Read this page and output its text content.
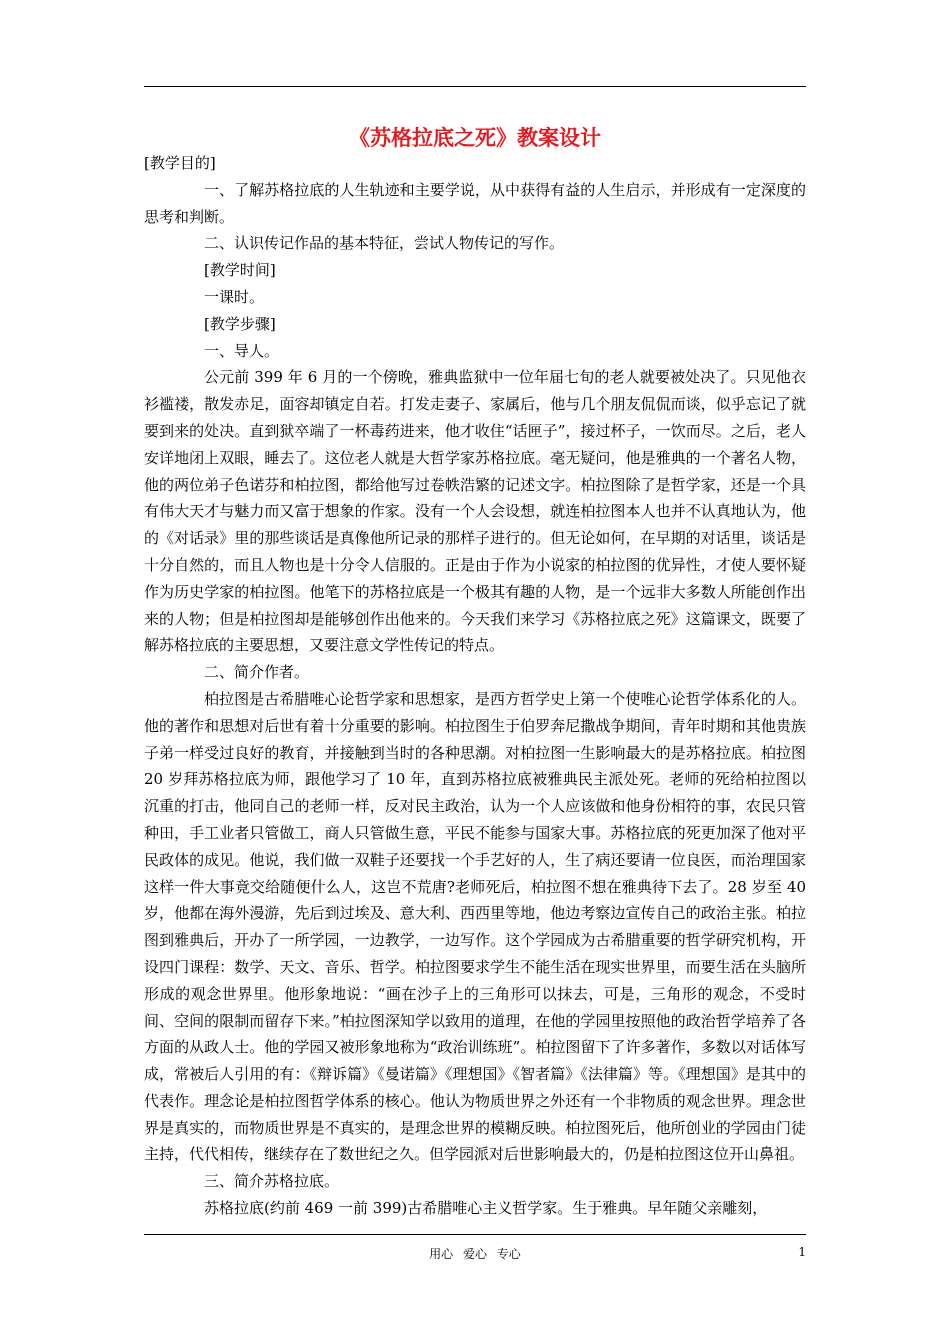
《苏格拉底之死》教案设计

[教学目的]

一、了解苏格拉底的人生轨迹和主要学说，从中获得有益的人生启示，并形成有一定深度的思考和判断。

二、认识传记作品的基本特征，尝试人物传记的写作。

[教学时间]

一课时。

[教学步骤]

一、导人。

公元前 399 年 6 月的一个傍晚，雅典监狱中一位年届七旬的老人就要被处决了。只见他衣衫褴褛，散发赤足，面容却镇定自若。打发走妻子、家属后，他与几个朋友侃侃而谈，似乎忘记了就要到来的处决。直到狱卒端了一杯毒药进来，他才收住“话匣子”，接过杯子，一饮而尽。之后，老人安详地闭上双眼，睡去了。这位老人就是大哲学家苏格拉底。毫无疑问，他是雅典的一个著名人物，他的两位弟子色诺芬和柏拉图，都给他写过卷帙浩繁的记述文字。柏拉图除了是哲学家，还是一个具有伟大天才与魅力而又富于想象的作家。没有一个人会设想，就连柏拉图本人也并不认真地认为，他的《对话录》里的那些谈话是真像他所记录的那样子进行的。但无论如何，在早期的对话里，谈话是十分自然的，而且人物也是十分令人信服的。正是由于作为小说家的柏拉图的优异性，才使人要怀疑作为历史学家的柏拉图。他笔下的苏格拉底是一个极其有趣的人物，是一个远非大多数人所能创作出来的人物；但是柏拉图却是能够创作出他来的。今天我们来学习《苏格拉底之死》这篇课文，既要了解苏格拉底的主要思想，又要注意文学性传记的特点。

二、简介作者。

柏拉图是古希腊唯心论哲学家和思想家，是西方哲学史上第一个使唯心论哲学体系化的人。他的著作和思想对后世有着十分重要的影响。柏拉图生于伯罗奔尼撒战争期间，青年时期和其他贵族子弟一样受过良好的教育，并接触到当时的各种思潮。对柏拉图一生影响最大的是苏格拉底。柏拉图 20 岁拜苏格拉底为师，跟他学习了 10 年，直到苏格拉底被雅典民主派处死。老师的死给柏拉图以沉重的打击，他同自己的老师一样，反对民主政治，认为一个人应该做和他身份相符的事，农民只管种田，手工业者只管做工，商人只管做生意，平民不能参与国家大事。苏格拉底的死更加深了他对平民政体的成见。他说，我们做一双鞋子还要找一个手艺好的人，生了病还要请一位良医，而治理国家这样一件大事竟交给随便什么人，这岂不荒唐?老师死后，柏拉图不想在雅典待下去了。28 岁至 40 岁，他都在海外漫游，先后到过埃及、意大利、西西里等地，他边考察边宣传自己的政治主张。柏拉图到雅典后，开办了一所学园，一边教学，一边写作。这个学园成为古希腊重要的哲学研究机构，开设四门课程：数学、天文、音乐、哲学。柏拉图要求学生不能生活在现实世界里，而要生活在头脑所形成的观念世界里。他形象地说：“画在沙子上的三角形可以抹去，可是，三角形的观念，不受时间、空间的限制而留存下来。”柏拉图深知学以致用的道理，在他的学园里按照他的政治哲学培养了各方面的从政人士。他的学园又被形象地称为“政治训练班”。柏拉图留下了许多著作，多数以对话体写成，常被后人引用的有：《辩诉篇》《曼诺篇》《理想国》《智者篇》《法律篇》等。《理想国》是其中的代表作。理念论是柏拉图哲学体系的核心。他认为物质世界之外还有一个非物质的观念世界。理念世界是真实的，而物质世界是不真实的，是理念世界的模糊反映。柏拉图死后，他所创业的学园由门徒主持，代代相传，继续存在了数世纪之久。但学园派对后世影响最大的，仍是柏拉图这位开山鼻祖。

三、简介苏格拉底。

苏格拉底(约前 469 一前 399)古希腊唯心主义哲学家。生于雅典。早年随父亲雕刻，

用心 爱心 专心	1
